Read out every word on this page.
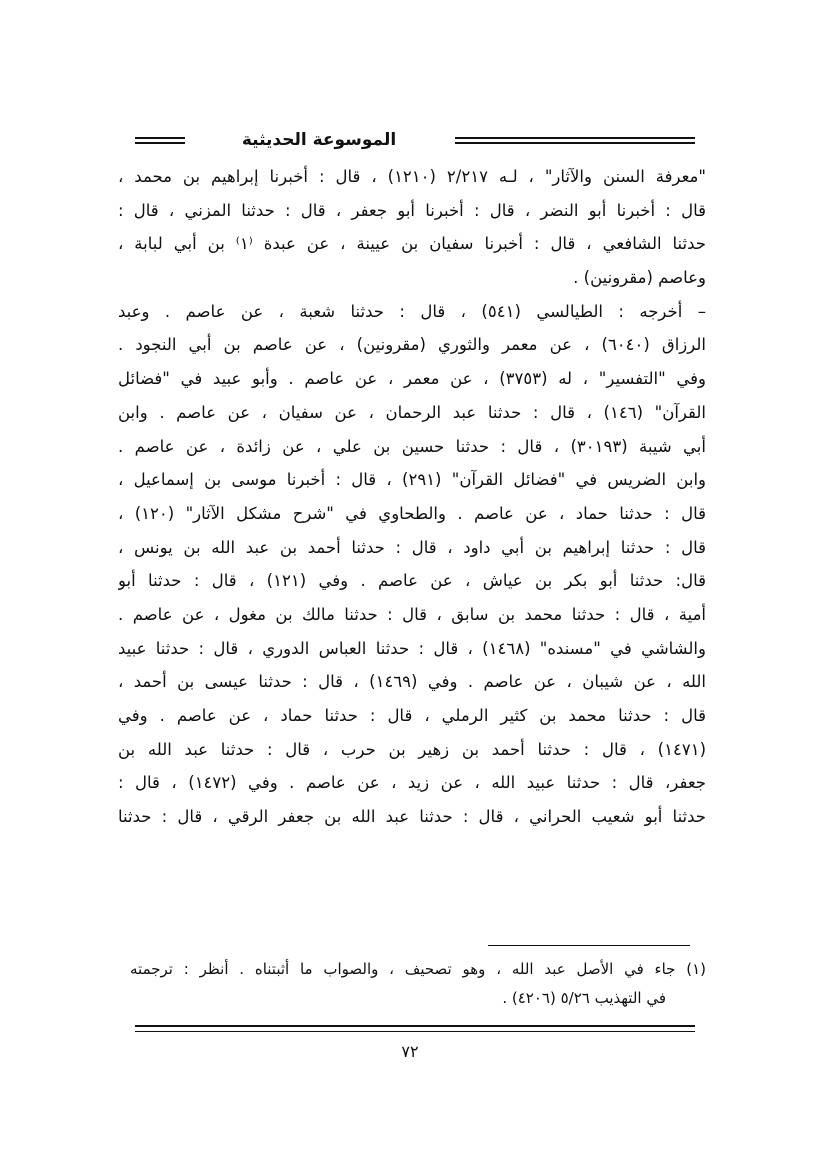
الموسوعة الحديثية
"معرفة السنن والآثار" ، لـه ٢/٢١٧ (١٢١٠) ، قال : أخبرنا إبراهيم بن محمد ،
قال : أخبرنا أبو النضر ، قال : أخبرنا أبو جعفر ، قال : حدثنا المزني ، قال :
حدثنا الشافعي ، قال : أخبرنا سفيان بن عيينة ، عن عبدة ⁽١⁾ بن أبي لبابة ،
وعاصم (مقرونين) .
– أخرجه : الطيالسي (٥٤١) ، قال : حدثنا شعبة ، عن عاصم . وعبد
الرزاق (٦٠٤٠) ، عن معمر والثوري (مقرونين) ، عن عاصم بن أبي النجود .
وفي "التفسير" ، له (٣٧٥٣) ، عن معمر ، عن عاصم . وأبو عبيد في "فضائل
القرآن" (١٤٦) ، قال : حدثنا عبد الرحمان ، عن سفيان ، عن عاصم . وابن
أبي شيبة (٣٠١٩٣) ، قال : حدثنا حسين بن علي ، عن زائدة ، عن عاصم .
وابن الضريس في "فضائل القرآن" (٢٩١) ، قال : أخبرنا موسى بن إسماعيل ،
قال : حدثنا حماد ، عن عاصم . والطحاوي في "شرح مشكل الآثار" (١٢٠) ،
قال : حدثنا إبراهيم بن أبي داود ، قال : حدثنا أحمد بن عبد الله بن يونس ،
قال: حدثنا أبو بكر بن عياش ، عن عاصم . وفي (١٢١) ، قال : حدثنا أبو
أمية ، قال : حدثنا محمد بن سابق ، قال : حدثنا مالك بن مغول ، عن عاصم .
والشاشي في "مسنده" (١٤٦٨) ، قال : حدثنا العباس الدوري ، قال : حدثنا عبيد
الله ، عن شيبان ، عن عاصم . وفي (١٤٦٩) ، قال : حدثنا عيسى بن أحمد ،
قال : حدثنا محمد بن كثير الرملي ، قال : حدثنا حماد ، عن عاصم . وفي
(١٤٧١) ، قال : حدثنا أحمد بن زهير بن حرب ، قال : حدثنا عبد الله بن
جعفر، قال : حدثنا عبيد الله ، عن زيد ، عن عاصم . وفي (١٤٧٢) ، قال :
حدثنا أبو شعيب الحراني ، قال : حدثنا عبد الله بن جعفر الرقي ، قال : حدثنا
(١) جاء في الأصل عبد الله ، وهو تصحيف ، والصواب ما أثبتناه . أنظر : ترجمته
في التهذيب ٥/٢٦ (٤٢٠٦) .
٧٢
